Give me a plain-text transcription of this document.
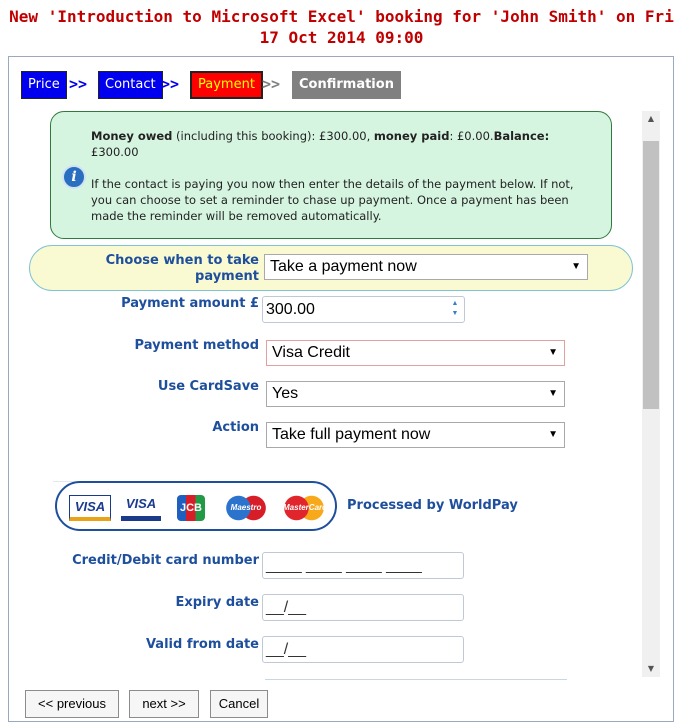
New 'Introduction to Microsoft Excel' booking for 'John Smith' on Fri 17 Oct 2014 09:00
Price >>	Contact >>	Payment >>	Confirmation
i
Money owed (including this booking): £300.00, money paid: £0.00.Balance: £300.00
If the contact is paying you now then enter the details of the payment below. If not, you can choose to set a reminder to chase up payment. Once a payment has been made the reminder will be removed automatically.
Choose when to take payment
Take a payment now	▼
Payment amount £ 300.00	▲
▼
Payment method Visa Credit	▼
Use CardSave Yes	▼
Action Take full payment now	▼
VISA	VISA	JCB	Maestro	MasterCard Processed by WorldPay
Credit/Debit card number ____ ____ ____ ____
Expiry date __/__
Valid from date __/__
▲
▼
<< previous	next >>	Cancel
